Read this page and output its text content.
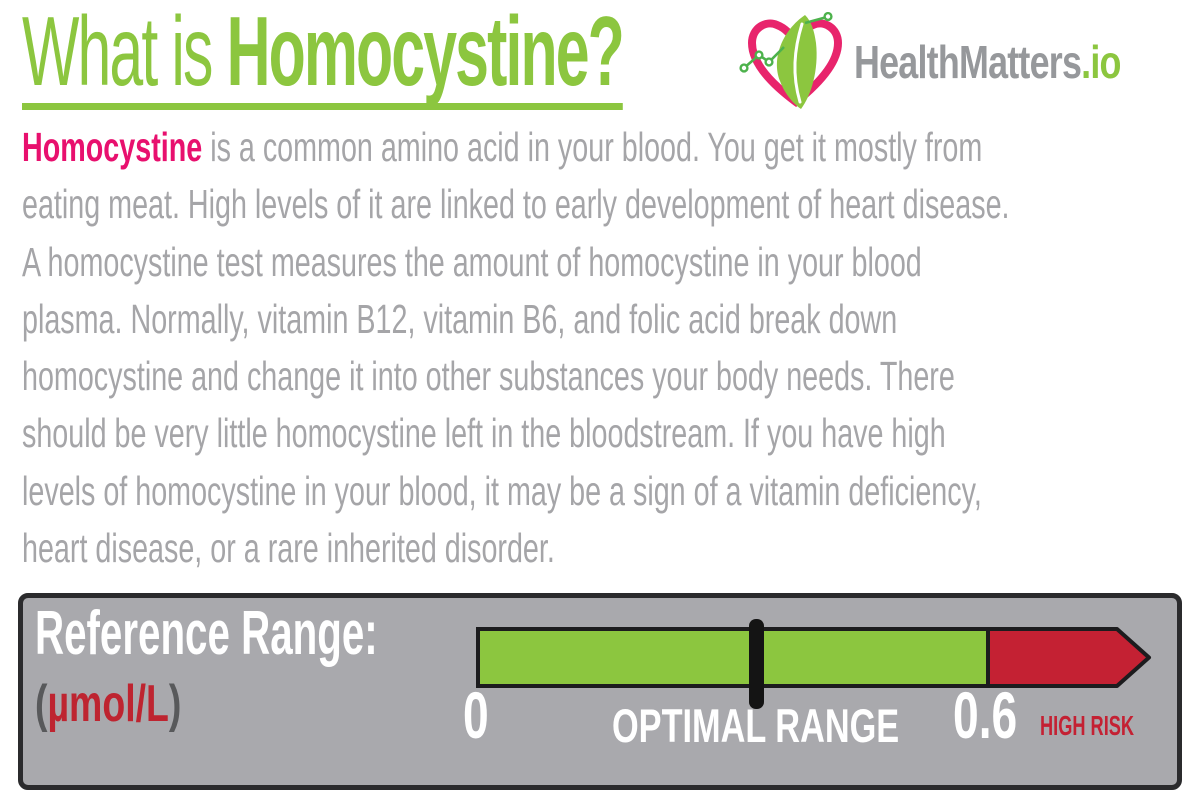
What is Homocystine?	HealthMatters.io
Homocystine is a common amino acid in your blood. You get it mostly from
eating meat. High levels of it are linked to early development of heart disease.
A homocystine test measures the amount of homocystine in your blood
plasma. Normally, vitamin B12, vitamin B6, and folic acid break down
homocystine and change it into other substances your body needs. There
should be very little homocystine left in the bloodstream. If you have high
levels of homocystine in your blood, it may be a sign of a vitamin deficiency,
heart disease, or a rare inherited disorder.
Reference Range:
(µmol/L)	0	0.6
OPTIMAL RANGE	HIGH RISK
